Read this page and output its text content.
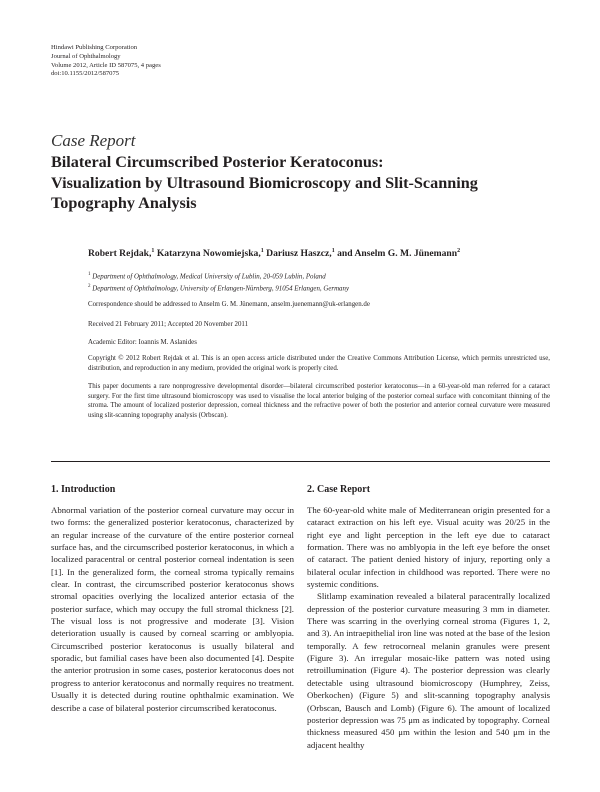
Hindawi Publishing Corporation
Journal of Ophthalmology
Volume 2012, Article ID 587075, 4 pages
doi:10.1155/2012/587075
Case Report
Bilateral Circumscribed Posterior Keratoconus:
Visualization by Ultrasound Biomicroscopy and Slit-Scanning
Topography Analysis
Robert Rejdak,$^1$ Katarzyna Nowomiejska,$^1$ Dariusz Haszcz,$^1$ and Anselm G. M. Jünemann$^2$
$^1$ Department of Ophthalmology, Medical University of Lublin, 20-059 Lublin, Poland
$^2$ Department of Ophthalmology, University of Erlangen-Nürnberg, 91054 Erlangen, Germany
Correspondence should be addressed to Anselm G. M. Jünemann, anselm.juenemann@uk-erlangen.de
Received 21 February 2011; Accepted 20 November 2011
Academic Editor: Ioannis M. Aslanides
Copyright © 2012 Robert Rejdak et al. This is an open access article distributed under the Creative Commons Attribution License, which permits unrestricted use, distribution, and reproduction in any medium, provided the original work is properly cited.
This paper documents a rare nonprogressive developmental disorder—bilateral circumscribed posterior keratoconus—in a 60-year-old man referred for a cataract surgery. For the first time ultrasound biomicroscopy was used to visualise the local anterior bulging of the posterior corneal surface with concomitant thinning of the stroma. The amount of localized posterior depression, corneal thickness and the refractive power of both the posterior and anterior corneal curvature were measured using slit-scanning topography analysis (Orbscan).
1. Introduction	2. Case Report

Abnormal variation of the posterior corneal curvature may occur in two forms: the generalized posterior keratoconus, characterized by an regular increase of the curvature of the entire posterior corneal surface has, and the circumscribed posterior keratoconus, in which a localized paracentral or central posterior corneal indentation is seen [1]. In the generalized form, the corneal stroma typically remains clear. In contrast, the circumscribed posterior keratoconus shows stromal opacities overlying the localized anterior ectasia of the posterior surface, which may occupy the full stromal thickness [2]. The visual loss is not progressive and moderate [3]. Vision deterioration usually is caused by corneal scarring or amblyopia. Circumscribed posterior keratoconus is usually bilateral and sporadic, but familial cases have been also documented [4]. Despite the anterior protrusion in some cases, posterior keratoconus does not progress to anterior keratoconus and normally requires no treatment. Usually it is detected during routine ophthalmic examination. We describe a case of bilateral posterior circumscribed keratoconus.

The 60-year-old white male of Mediterranean origin presented for a cataract extraction on his left eye. Visual acuity was 20/25 in the right eye and light perception in the left eye due to cataract formation. There was no amblyopia in the left eye before the onset of cataract. The patient denied history of injury, reporting only a bilateral ocular infection in childhood was reported. There were no systemic conditions.

Slitlamp examination revealed a bilateral paracentrally localized depression of the posterior curvature measuring 3 mm in diameter. There was scarring in the overlying corneal stroma (Figures 1, 2, and 3). An intraepithelial iron line was noted at the base of the lesion temporally. A few retrocorneal melanin granules were present (Figure 3). An irregular mosaic-like pattern was noted using retroillumination (Figure 4). The posterior depression was clearly detectable using ultrasound biomicroscopy (Humphrey, Zeiss, Oberkochen) (Figure 5) and slit-scanning topography analysis (Orbscan, Bausch and Lomb) (Figure 6). The amount of localized posterior depression was 75 μm as indicated by topography. Corneal thickness measured 450 μm within the lesion and 540 μm in the adjacent healthy
